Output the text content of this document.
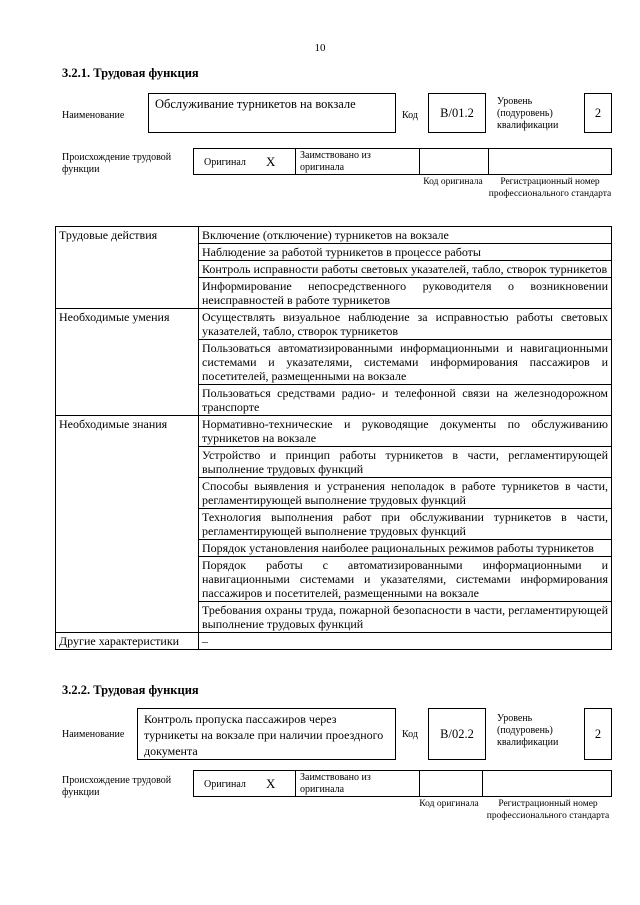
10
3.2.1. Трудовая функция
Наименование
Обслуживание турникетов на вокзале
Код B/01.2
Уровень (подуровень) квалификации
2
Происхождение трудовой функции
Оригинал X Заимствовано из оригинала
Код оригинала	Регистрационный номер профессионального стандарта
Трудовые действия	Включение (отключение) турникетов на вокзале
	Наблюдение за работой турникетов в процессе работы
	Контроль исправности работы световых указателей, табло, створок турникетов
	Информирование непосредственного руководителя о возникновении неисправностей в работе турникетов
Необходимые умения	Осуществлять визуальное наблюдение за исправностью работы световых указателей, табло, створок турникетов
	Пользоваться автоматизированными информационными и навигационными системами и указателями, системами информирования пассажиров и посетителей, размещенными на вокзале
	Пользоваться средствами радио- и телефонной связи на железнодорожном транспорте
Необходимые знания	Нормативно-технические и руководящие документы по обслуживанию турникетов на вокзале
	Устройство и принцип работы турникетов в части, регламентирующей выполнение трудовых функций
	Способы выявления и устранения неполадок в работе турникетов в части, регламентирующей выполнение трудовых функций
	Технология выполнения работ при обслуживании турникетов в части, регламентирующей выполнение трудовых функций
	Порядок установления наиболее рациональных режимов работы турникетов
	Порядок работы с автоматизированными информационными и навигационными системами и указателями, системами информирования пассажиров и посетителей, размещенными на вокзале
	Требования охраны труда, пожарной безопасности в части, регламентирующей выполнение трудовых функций
Другие характеристики	–
3.2.2. Трудовая функция
Наименование
Контроль пропуска пассажиров через турникеты на вокзале при наличии проездного документа
Код B/02.2
Уровень (подуровень) квалификации
2
Происхождение трудовой функции
Оригинал X Заимствовано из оригинала
Код оригинала	Регистрационный номер профессионального стандарта
